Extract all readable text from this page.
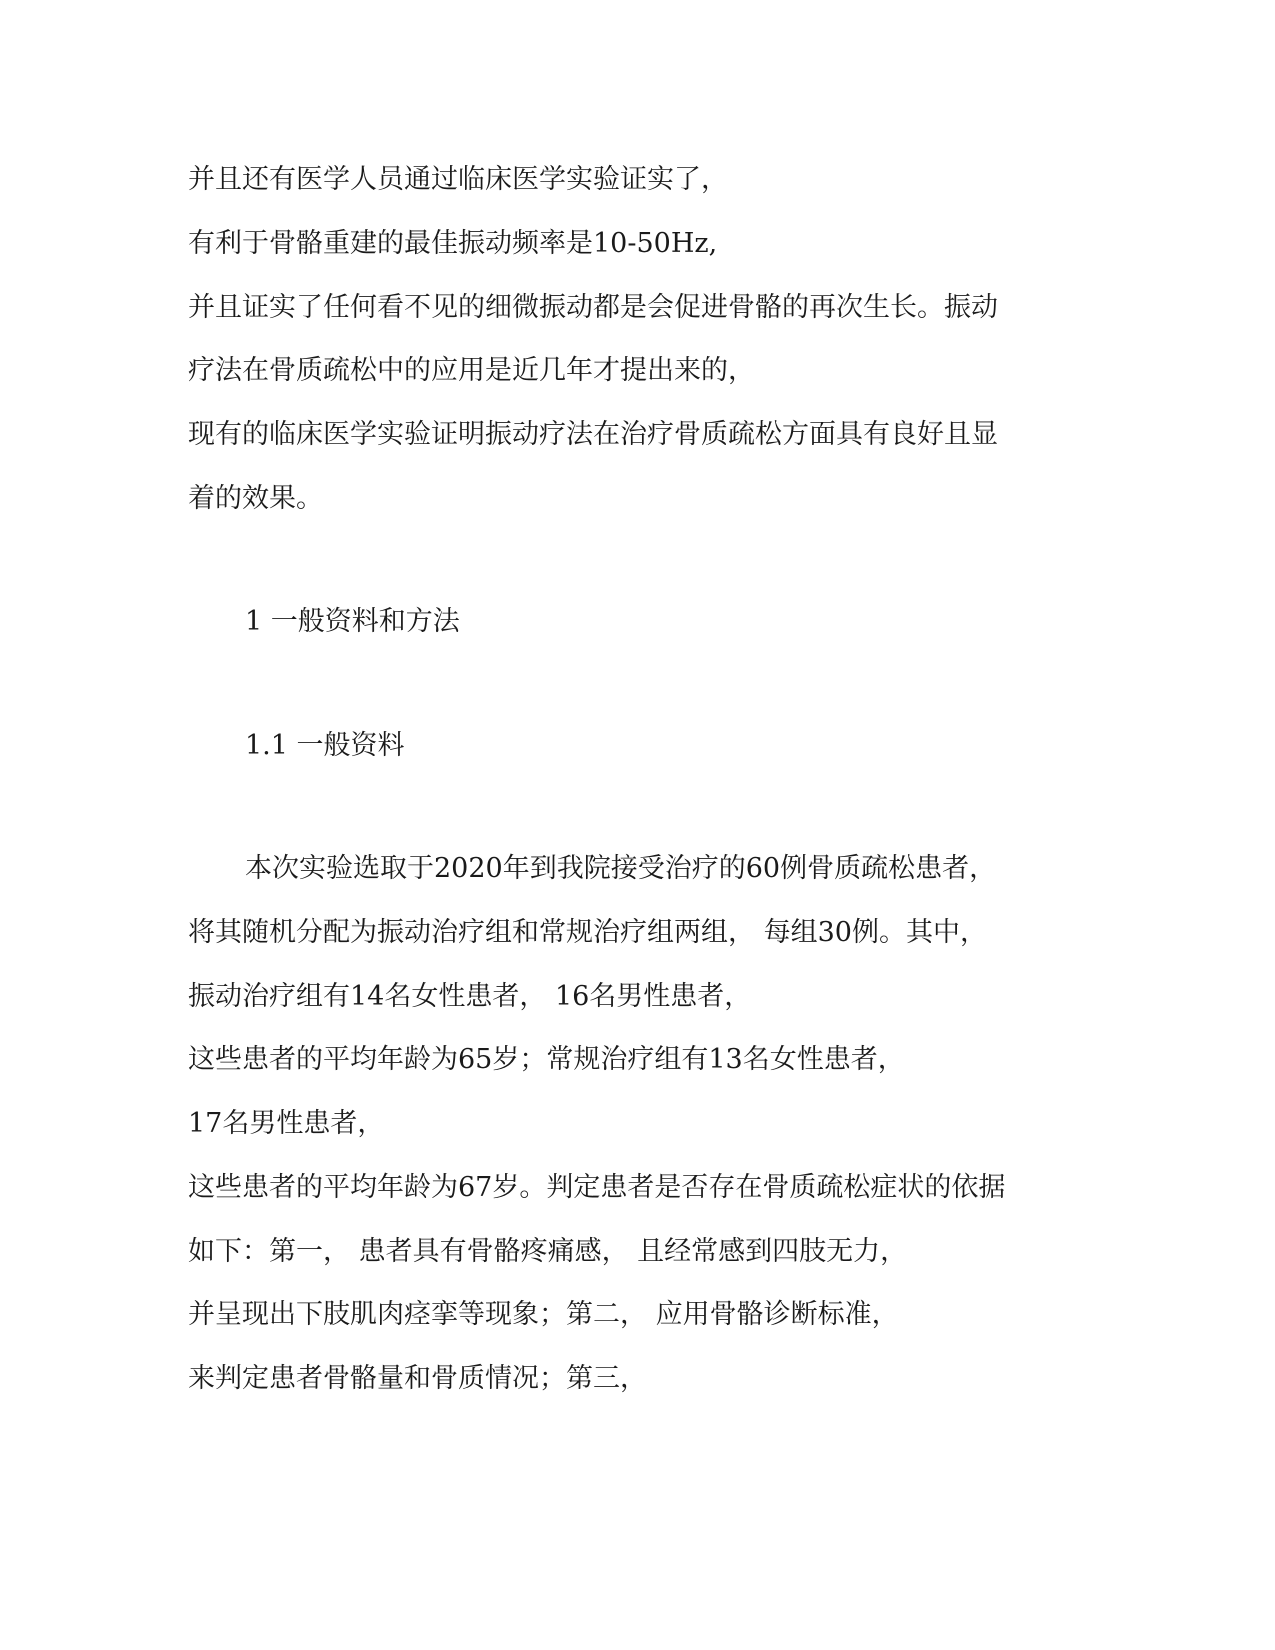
并且还有医学人员通过临床医学实验证实了，
有利于骨骼重建的最佳振动频率是10-50Hz,
并且证实了任何看不见的细微振动都是会促进骨骼的再次生长。振动
疗法在骨质疏松中的应用是近几年才提出来的，
现有的临床医学实验证明振动疗法在治疗骨质疏松方面具有良好且显
着的效果。
1 一般资料和方法
1.1 一般资料
本次实验选取于2020年到我院接受治疗的60例骨质疏松患者，
将其随机分配为振动治疗组和常规治疗组两组， 每组30例。其中，
振动治疗组有14名女性患者， 16名男性患者，
这些患者的平均年龄为65岁；常规治疗组有13名女性患者，
17名男性患者，
这些患者的平均年龄为67岁。判定患者是否存在骨质疏松症状的依据
如下：第一， 患者具有骨骼疼痛感， 且经常感到四肢无力，
并呈现出下肢肌肉痉挛等现象；第二， 应用骨骼诊断标准，
来判定患者骨骼量和骨质情况；第三，
